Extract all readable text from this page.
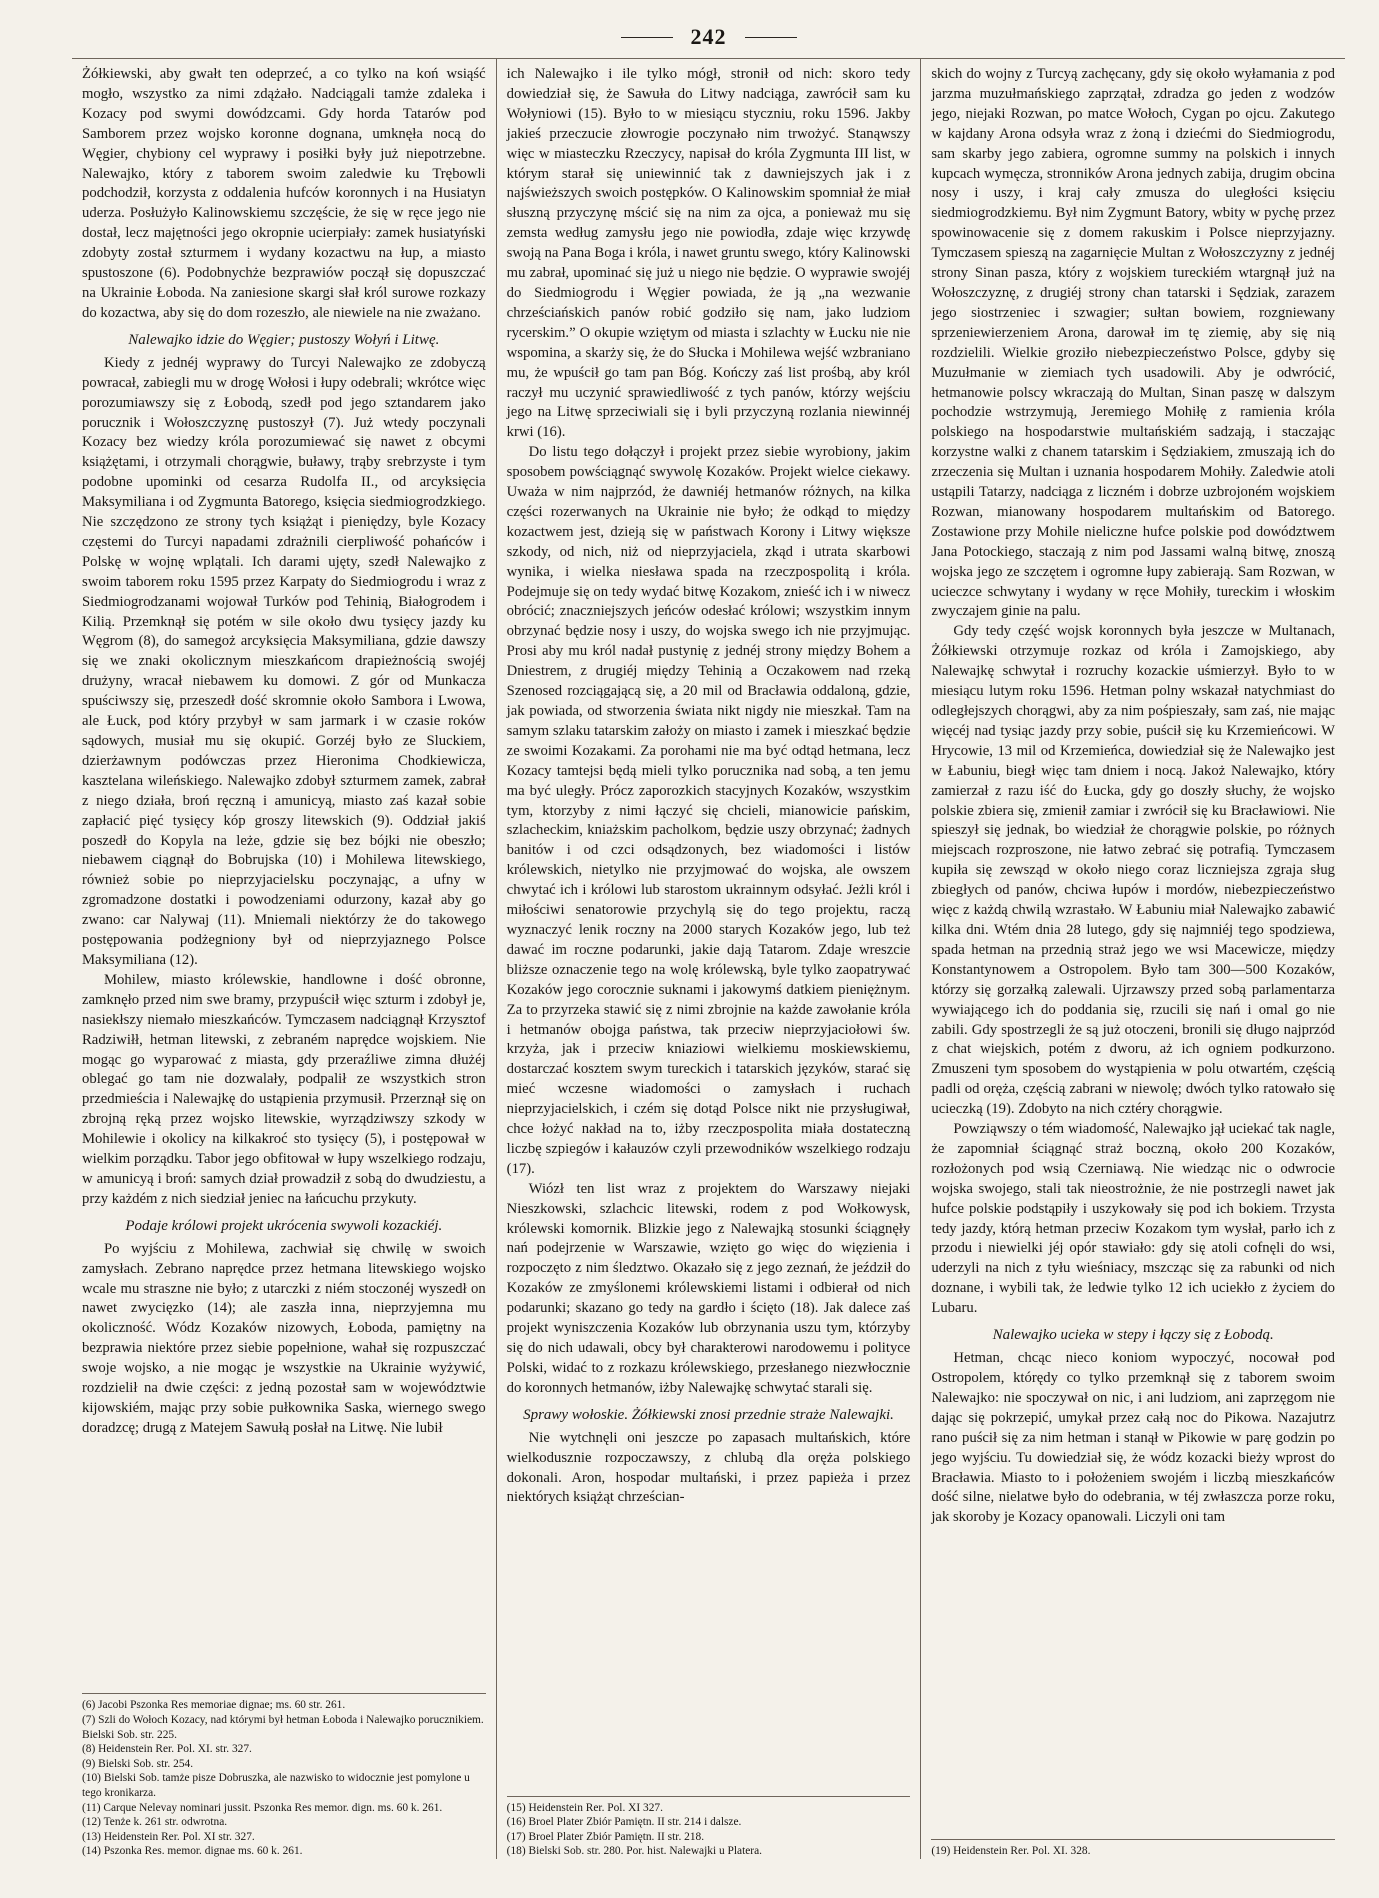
242

Żółkiewski, aby gwałt ten odeprzeć, a co tylko na koń wsiąść mogło, wszystko za nimi zdążało. Nadciągali tamże zdaleka i Kozacy pod swymi dowódzcami. Gdy horda Tatarów pod Samborem przez wojsko koronne dognana, umknęła nocą do Węgier, chybiony cel wyprawy i posiłki były już niepotrzebne. Nalewajko, który z taborem swoim zaledwie ku Trębowli podchodził, korzysta z oddalenia hufców koronnych i na Husiatyn uderza. Posłużyło Kalinowskiemu szczęście, że się w ręce jego nie dostał, lecz majętności jego okropnie ucierpiały: zamek husiatyński zdobyty został szturmem i wydany kozactwu na łup, a miasto spustoszone (6). Podobnychże bezprawiów począł się dopuszczać na Ukrainie Łoboda. Na zaniesione skargi słał król surowe rozkazy do kozactwa, aby się do dom rozeszło, ale niewiele na nie zważano.

Nalewajko idzie do Węgier; pustoszy Wołyń i Litwę.

Kiedy z jednéj wyprawy do Turcyi Nalewajko ze zdobyczą powracał, zabiegli mu w drogę Wołosi i łupy odebrali; wkrótce więc porozumiawszy się z Łobodą, szedł pod jego sztandarem jako porucznik i Wołoszczyznę pustoszył (7). Już wtedy poczynali Kozacy bez wiedzy króla porozumiewać się nawet z obcymi książętami, i otrzymali chorągwie, buławy, trąby srebrzyste i tym podobne upominki od cesarza Rudolfa II., od arcyksięcia Maksymiliana i od Zygmunta Batorego, księcia siedmiogrodzkiego. Nie szczędzono ze strony tych książąt i pieniędzy, byle Kozacy częstemi do Turcyi napadami zdrażnili cierpliwość pohańców i Polskę w wojnę wplątali. Ich darami ujęty, szedł Nalewajko z swoim taborem roku 1595 przez Karpaty do Siedmiogrodu i wraz z Siedmiogrodzanami wojował Turków pod Tehinią, Białogrodem i Kilią. Przemknął się potém w sile około dwu tysięcy jazdy ku Węgrom (8), do samegoż arcyksięcia Maksymiliana, gdzie dawszy się we znaki okolicznym mieszkańcom drapieżnością swojéj drużyny, wracał niebawem ku domowi. Z gór od Munkacza spuściwszy się, przeszedł dość skromnie około Sambora i Lwowa, ale Łuck, pod który przybył w sam jarmark i w czasie roków sądowych, musiał mu się okupić. Gorzéj było ze Sluckiem, dzierżawnym podówczas przez Hieronima Chodkiewicza, kasztelana wileńskiego. Nalewajko zdobył szturmem zamek, zabrał z niego działa, broń ręczną i amunicyą, miasto zaś kazał sobie zapłacić pięć tysięcy kóp groszy litewskich (9). Oddział jakiś poszedł do Kopyla na leże, gdzie się bez bójki nie obeszło; niebawem ciągnął do Bobrujska (10) i Mohilewa litewskiego, również sobie po nieprzyjacielsku poczynając, a ufny w zgromadzone dostatki i powodzeniami odurzony, kazał aby go zwano: car Nalywaj (11). Mniemali niektórzy że do takowego postępowania podżegniony był od nieprzyjaznego Polsce Maksymiliana (12).

Mohilew, miasto królewskie, handlowne i dość obronne, zamknęło przed nim swe bramy, przypuścił więc szturm i zdobył je, nasiekłszy niemało mieszkańców. Tymczasem nadciągnął Krzysztof Radziwiłł, hetman litewski, z zebraném naprędce wojskiem. Nie mogąc go wyparować z miasta, gdy przeraźliwe zimna dłużéj oblegać go tam nie dozwalały, podpalił ze wszystkich stron przedmieścia i Nalewajkę do ustąpienia przymusił. Przerznął się on zbrojną ręką przez wojsko litewskie, wyrządziwszy szkody w Mohilewie i okolicy na kilkakroć sto tysięcy (5), i postępował w wielkim porządku. Tabor jego obfitował w łupy wszelkiego rodzaju, w amunicyą i broń: samych dział prowadził z sobą do dwudziestu, a przy każdém z nich siedział jeniec na łańcuchu przykuty.

Podaje królowi projekt ukrócenia swywoli kozackiéj.

Po wyjściu z Mohilewa, zachwiał się chwilę w swoich zamysłach. Zebrano naprędce przez hetmana litewskiego wojsko wcale mu straszne nie było; z utarczki z niém stoczonéj wyszedł on nawet zwycięzko (14); ale zaszła inna, nieprzyjemna mu okoliczność. Wódz Kozaków nizowych, Łoboda, pamiętny na bezprawia niektóre przez siebie popełnione, wahał się rozpuszczać swoje wojsko, a nie mogąc je wszystkie na Ukrainie wyżywić, rozdzielił na dwie części: z jedną pozostał sam w województwie kijowskiém, mając przy sobie pułkownika Saska, wiernego swego doradzcę; drugą z Matejem Sawułą posłał na Litwę. Nie lubił

(6) Jacobi Pszonka Res memoriae dignae; ms. 60 str. 261.

(7) Szli do Wołoch Kozacy, nad którymi był hetman Łoboda i Nalewajko porucznikiem. Bielski Sob. str. 225.

(8) Heidenstein Rer. Pol. XI. str. 327.

(9) Bielski Sob. str. 254.

(10) Bielski Sob. tamże pisze Dobruszka, ale nazwisko to widocznie jest pomylone u tego kronikarza.

(11) Carque Nelevay nominari jussit. Pszonka Res memor. dign. ms. 60 k. 261.

(12) Tenże k. 261 str. odwrotna.

(13) Heidenstein Rer. Pol. XI str. 327.

(14) Pszonka Res. memor. dignae ms. 60 k. 261.

ich Nalewajko i ile tylko mógł, stronił od nich: skoro tedy dowiedział się, że Sawuła do Litwy nadciąga, zawrócił sam ku Wołyniowi (15). Było to w miesiącu styczniu, roku 1596. Jakby jakieś przeczucie złowrogie poczynało nim trwożyć. Stanąwszy więc w miasteczku Rzeczycy, napisał do króla Zygmunta III list, w którym starał się uniewinnić tak z dawniejszych jak i z najświeższych swoich postępków. O Kalinowskim spomniał że miał słuszną przyczynę mścić się na nim za ojca, a ponieważ mu się zemsta według zamysłu jego nie powiodła, zdaje więc krzywdę swoją na Pana Boga i króla, i nawet gruntu swego, który Kalinowski mu zabrał, upominać się już u niego nie będzie. O wyprawie swojéj do Siedmiogrodu i Węgier powiada, że ją „na wezwanie chrześciańskich panów robić godziło się nam, jako ludziom rycerskim.” O okupie wziętym od miasta i szlachty w Łucku nie nie wspomina, a skarży się, że do Słucka i Mohilewa wejść wzbraniano mu, że wpuścił go tam pan Bóg. Kończy zaś list prośbą, aby król raczył mu uczynić sprawiedliwość z tych panów, którzy wejściu jego na Litwę sprzeciwiali się i byli przyczyną rozlania niewinnéj krwi (16).

Do listu tego dołączył i projekt przez siebie wyrobiony, jakim sposobem powściągnąć swywolę Kozaków. Projekt wielce ciekawy. Uważa w nim najprzód, że dawniéj hetmanów różnych, na kilka części rozerwanych na Ukrainie nie było; że odkąd to między kozactwem jest, dzieją się w państwach Korony i Litwy większe szkody, od nich, niż od nieprzyjaciela, zkąd i utrata skarbowi wynika, i wielka niesława spada na rzeczpospolitą i króla. Podejmuje się on tedy wydać bitwę Kozakom, znieść ich i w niwecz obrócić; znaczniejszych jeńców odesłać królowi; wszystkim innym obrzynać będzie nosy i uszy, do wojska swego ich nie przyjmując. Prosi aby mu król nadał pustynię z jednéj strony między Bohem a Dniestrem, z drugiéj między Tehinią a Oczakowem nad rzeką Szenosed rozciągającą się, a 20 mil od Bracławia oddaloną, gdzie, jak powiada, od stworzenia świata nikt nigdy nie mieszkał. Tam na samym szlaku tatarskim założy on miasto i zamek i mieszkać będzie ze swoimi Kozakami. Za porohami nie ma być odtąd hetmana, lecz Kozacy tamtejsi będą mieli tylko porucznika nad sobą, a ten jemu ma być uległy. Prócz zaporozkich stacyjnych Kozaków, wszystkim tym, ktorzyby z nimi łączyć się chcieli, mianowicie pańskim, szlacheckim, kniażskim pacholkom, będzie uszy obrzynać; żadnych banitów i od czci odsądzonych, bez wiadomości i listów królewskich, nietylko nie przyjmować do wojska, ale owszem chwytać ich i królowi lub starostom ukrainnym odsyłać. Jeżli król i miłościwi senatorowie przychylą się do tego projektu, raczą wyznaczyć lenik roczny na 2000 starych Kozaków jego, lub też dawać im roczne podarunki, jakie dają Tatarom. Zdaje wreszcie bliższe oznaczenie tego na wolę królewską, byle tylko zaopatrywać Kozaków jego corocznie suknami i jakowymś datkiem pieniężnym. Za to przyrzeka stawić się z nimi zbrojnie na każde zawołanie króla i hetmanów obojga państwa, tak przeciw nieprzyjaciołowi św. krzyża, jak i przeciw kniaziowi wielkiemu moskiewskiemu, dostarczać kosztem swym tureckich i tatarskich języków, starać się mieć wczesne wiadomości o zamysłach i ruchach nieprzyjacielskich, i czém się dotąd Polsce nikt nie przysługiwał, chce łożyć nakład na to, iżby rzeczpospolita miała dostateczną liczbę szpiegów i kałauzów czyli przewodników wszelkiego rodzaju (17).

Wiózł ten list wraz z projektem do Warszawy niejaki Nieszkowski, szlachcic litewski, rodem z pod Wołkowysk, królewski komornik. Blizkie jego z Nalewajką stosunki ściągnęły nań podejrzenie w Warszawie, wzięto go więc do więzienia i rozpoczęto z nim śledztwo. Okazało się z jego zeznań, że jeździł do Kozaków ze zmyślonemi królewskiemi listami i odbierał od nich podarunki; skazano go tedy na gardło i ścięto (18). Jak dalece zaś projekt wyniszczenia Kozaków lub obrzynania uszu tym, którzyby się do nich udawali, obcy był charakterowi narodowemu i polityce Polski, widać to z rozkazu królewskiego, przesłanego niezwłocznie do koronnych hetmanów, iżby Nalewajkę schwytać starali się.

Sprawy wołoskie. Żółkiewski znosi przednie straże Nalewajki.

Nie wytchnęli oni jeszcze po zapasach multańskich, które wielkodusznie rozpoczawszy, z chlubą dla oręża polskiego dokonali. Aron, hospodar multański, i przez papieża i przez niektórych książąt chrześcian-

(15) Heidenstein Rer. Pol. XI 327.

(16) Broel Plater Zbiór Pamiętn. II str. 214 i dalsze.

(17) Broel Plater Zbiór Pamiętn. II str. 218.

(18) Bielski Sob. str. 280. Por. hist. Nalewajki u Platera.

skich do wojny z Turcyą zachęcany, gdy się około wyłamania z pod jarzma muzułmańskiego zaprzątał, zdradza go jeden z wodzów jego, niejaki Rozwan, po matce Wołoch, Cygan po ojcu. Zakutego w kajdany Arona odsyła wraz z żoną i dziećmi do Siedmiogrodu, sam skarby jego zabiera, ogromne summy na polskich i innych kupcach wymęcza, stronników Arona jednych zabija, drugim obcina nosy i uszy, i kraj cały zmusza do uległości księciu siedmiogrodzkiemu. Był nim Zygmunt Batory, wbity w pychę przez spowinowacenie się z domem rakuskim i Polsce nieprzyjazny. Tymczasem spieszą na zagarnięcie Multan z Wołoszczyzny z jednéj strony Sinan pasza, który z wojskiem tureckiém wtargnął już na Wołoszczyznę, z drugiéj strony chan tatarski i Sędziak, zarazem jego siostrzeniec i szwagier; sułtan bowiem, rozgniewany sprzeniewierzeniem Arona, darował im tę ziemię, aby się nią rozdzielili. Wielkie groziło niebezpieczeństwo Polsce, gdyby się Muzułmanie w ziemiach tych usadowili. Aby je odwrócić, hetmanowie polscy wkraczają do Multan, Sinan paszę w dalszym pochodzie wstrzymują, Jeremiego Mohiłę z ramienia króla polskiego na hospodarstwie multańskiém sadzają, i staczając korzystne walki z chanem tatarskim i Sędziakiem, zmuszają ich do zrzeczenia się Multan i uznania hospodarem Mohiły. Zaledwie atoli ustąpili Tatarzy, nadciąga z liczném i dobrze uzbrojoném wojskiem Rozwan, mianowany hospodarem multańskim od Batorego. Zostawione przy Mohile nieliczne hufce polskie pod dowództwem Jana Potockiego, staczają z nim pod Jassami walną bitwę, znoszą wojska jego ze szczętem i ogromne łupy zabierają. Sam Rozwan, w ucieczce schwytany i wydany w ręce Mohiły, tureckim i włoskim zwyczajem ginie na palu.

Gdy tedy część wojsk koronnych była jeszcze w Multanach, Żółkiewski otrzymuje rozkaz od króla i Zamojskiego, aby Nalewajkę schwytał i rozruchy kozackie uśmierzył. Było to w miesiącu lutym roku 1596. Hetman polny wskazał natychmiast do odległejszych chorągwi, aby za nim pośpieszały, sam zaś, nie mając więcéj nad tysiąc jazdy przy sobie, puścił się ku Krzemieńcowi. W Hrycowie, 13 mil od Krzemieńca, dowiedział się że Nalewajko jest w Łabuniu, biegł więc tam dniem i nocą. Jakoż Nalewajko, który zamierzał z razu iść do Łucka, gdy go doszły słuchy, że wojsko polskie zbiera się, zmienił zamiar i zwrócił się ku Bracławiowi. Nie spieszył się jednak, bo wiedział że chorągwie polskie, po różnych miejscach rozproszone, nie łatwo zebrać się potrafią. Tymczasem kupiła się zewsząd w około niego coraz liczniejsza zgraja sług zbiegłych od panów, chciwa łupów i mordów, niebezpieczeństwo więc z każdą chwilą wzrastało. W Łabuniu miał Nalewajko zabawić kilka dni. Wtém dnia 28 lutego, gdy się najmniéj tego spodziewa, spada hetman na przednią straż jego we wsi Macewicze, między Konstantynowem a Ostropolem. Było tam 300—500 Kozaków, którzy się gorzałką zalewali. Ujrzawszy przed sobą parlamentarza wywiającego ich do poddania się, rzucili się nań i omal go nie zabili. Gdy spostrzegli że są już otoczeni, bronili się długo najprzód z chat wiejskich, potém z dworu, aż ich ogniem podkurzono. Zmuszeni tym sposobem do wystąpienia w polu otwartém, częścią padli od oręża, częścią zabrani w niewolę; dwóch tylko ratowało się ucieczką (19). Zdobyto na nich cztéry chorągwie.

Powziąwszy o tém wiadomość, Nalewajko jął uciekać tak nagle, że zapomniał ściągnąć straż boczną, około 200 Kozaków, rozłożonych pod wsią Czerniawą. Nie wiedząc nic o odwrocie wojska swojego, stali tak nieostrożnie, że nie postrzegli nawet jak hufce polskie podstąpiły i uszykowały się pod ich bokiem. Trzysta tedy jazdy, którą hetman przeciw Kozakom tym wysłał, parło ich z przodu i niewielki jéj opór stawiało: gdy się atoli cofnęli do wsi, uderzyli na nich z tyłu wieśniacy, mszcząc się za rabunki od nich doznane, i wybili tak, że ledwie tylko 12 ich uciekło z życiem do Lubaru.

Nalewajko ucieka w stepy i łączy się z Łobodą.

Hetman, chcąc nieco koniom wypoczyć, nocował pod Ostropolem, którędy co tylko przemknął się z taborem swoim Nalewajko: nie spoczywał on nic, i ani ludziom, ani zaprzęgom nie dając się pokrzepić, umykał przez całą noc do Pikowa. Nazajutrz rano puścił się za nim hetman i stanął w Pikowie w parę godzin po jego wyjściu. Tu dowiedział się, że wódz kozacki bieży wprost do Bracławia. Miasto to i położeniem swojém i liczbą mieszkańców dość silne, nielatwe było do odebrania, w téj zwłaszcza porze roku, jak skoroby je Kozacy opanowali. Liczyli oni tam

(19) Heidenstein Rer. Pol. XI. 328.
